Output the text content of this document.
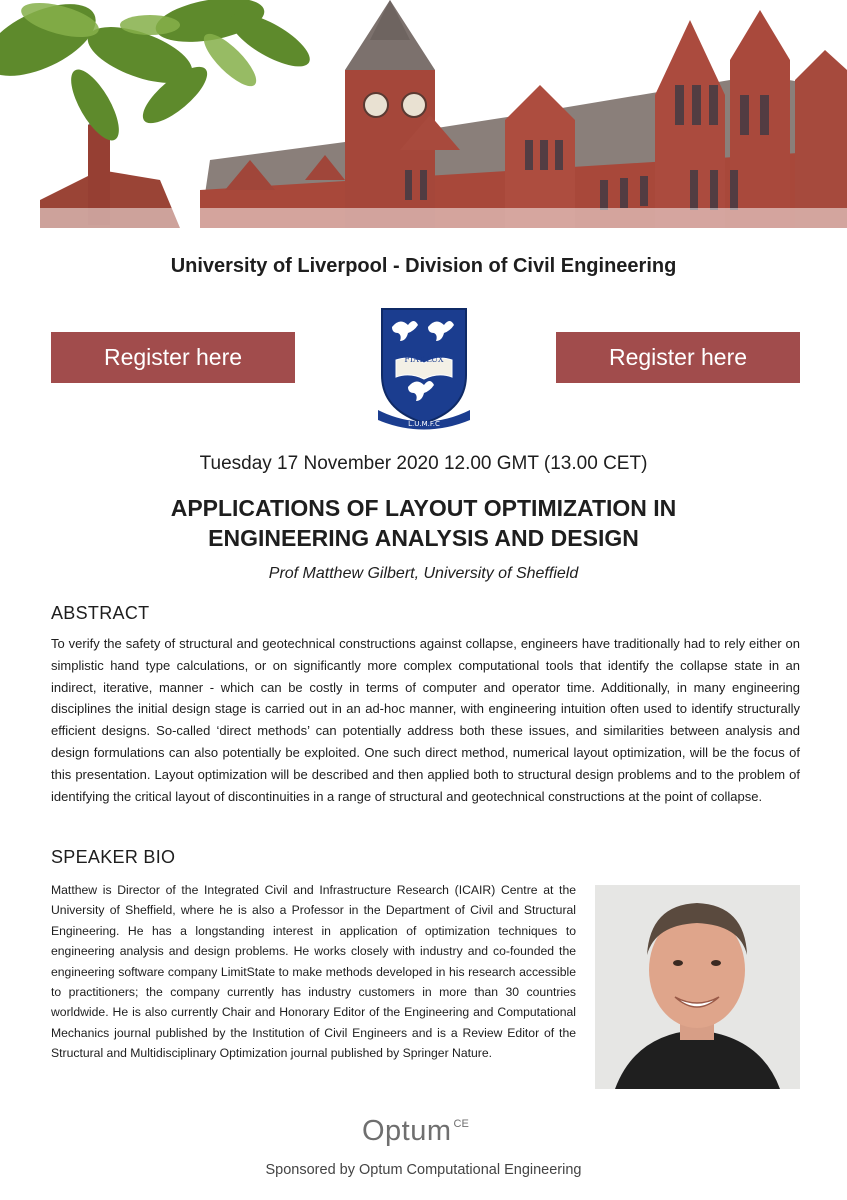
University of Liverpool - Division of Civil Engineering
Register here	Register here
FIAT LUX
L.U.M.F.C
Tuesday 17 November 2020 12.00 GMT (13.00 CET)
APPLICATIONS OF LAYOUT OPTIMIZATION IN
ENGINEERING ANALYSIS AND DESIGN
Prof Matthew Gilbert, University of Sheffield
ABSTRACT
To verify the safety of structural and geotechnical constructions against collapse, engineers have traditionally had to rely either on simplistic hand type calculations, or on significantly more complex computational tools that identify the collapse state in an indirect, iterative, manner - which can be costly in terms of computer and operator time. Additionally, in many engineering disciplines the initial design stage is carried out in an ad-hoc manner, with engineering intuition often used to identify structurally efficient designs. So-called ‘direct methods’ can potentially address both these issues, and similarities between analysis and design formulations can also potentially be exploited. One such direct method, numerical layout optimization, will be the focus of this presentation. Layout optimization will be described and then applied both to structural design problems and to the problem of identifying the critical layout of discontinuities in a range of structural and geotechnical constructions at the point of collapse.
SPEAKER BIO
Matthew is Director of the Integrated Civil and Infrastructure Research (ICAIR) Centre at the University of Sheffield, where he is also a Professor in the Department of Civil and Structural Engineering. He has a longstanding interest in application of optimization techniques to engineering analysis and design problems. He works closely with industry and co-founded the engineering software company LimitState to make methods developed in his research accessible to practitioners; the company currently has industry customers in more than 30 countries worldwide. He is also currently Chair and Honorary Editor of the Engineering and Computational Mechanics journal published by the Institution of Civil Engineers and is a Review Editor of the Structural and Multidisciplinary Optimization journal published by Springer Nature.
Optum CE
Sponsored by Optum Computational Engineering
